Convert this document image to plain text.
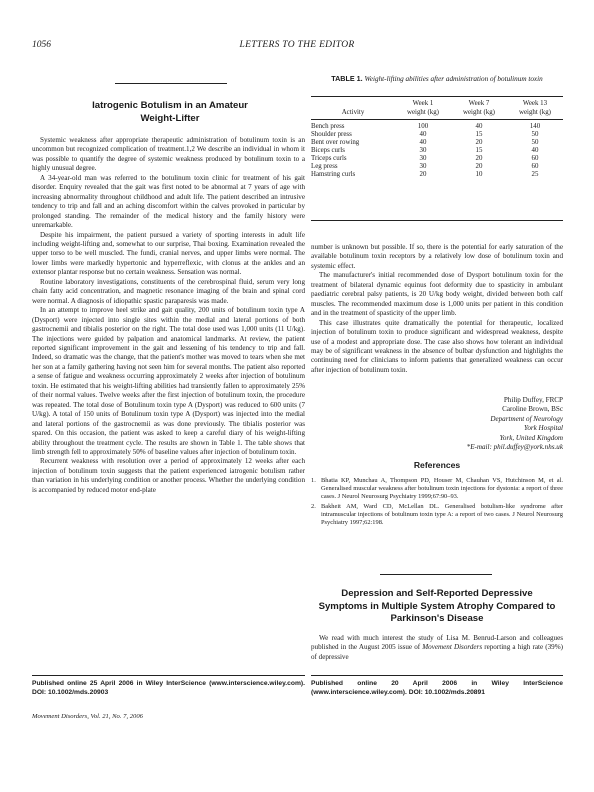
1056	LETTERS TO THE EDITOR
Iatrogenic Botulism in an Amateur Weight-Lifter

Systemic weakness after appropriate therapeutic administration of botulinum toxin is an uncommon but recognized complication of treatment.1,2 We describe an individual in whom it was possible to quantify the degree of systemic weakness produced by botulinum toxin to a highly unusual degree.

A 34-year-old man was referred to the botulinum toxin clinic for treatment of his gait disorder. Enquiry revealed that the gait was first noted to be abnormal at 7 years of age with increasing abnormality throughout childhood and adult life. The patient described an intrusive tendency to trip and fall and an aching discomfort within the calves provoked in particular by prolonged standing. The remainder of the medical history and the family history were unremarkable.

Despite his impairment, the patient pursued a variety of sporting interests in adult life including weight-lifting and, somewhat to our surprise, Thai boxing. Examination revealed the upper torso to be well muscled. The fundi, cranial nerves, and upper limbs were normal. The lower limbs were markedly hypertonic and hyperreflexic, with clonus at the ankles and an extensor plantar response but no certain weakness. Sensation was normal.

Routine laboratory investigations, constituents of the cerebrospinal fluid, serum very long chain fatty acid concentration, and magnetic resonance imaging of the brain and spinal cord were normal. A diagnosis of idiopathic spastic paraparesis was made.

In an attempt to improve heel strike and gait quality, 200 units of botulinum toxin type A (Dysport) were injected into single sites within the medial and lateral portions of both gastrocnemii and tibialis posterior on the right. The total dose used was 1,000 units (11 U/kg). The injections were guided by palpation and anatomical landmarks. At review, the patient reported significant improvement in the gait and lessening of his tendency to trip and fall. Indeed, so dramatic was the change, that the patient's mother was moved to tears when she met her son at a family gathering having not seen him for several months. The patient also reported a sense of fatigue and weakness occurring approximately 2 weeks after injection of botulinum toxin. He estimated that his weight-lifting abilities had transiently fallen to approximately 25% of their normal values. Twelve weeks after the first injection of botulinum toxin, the procedure was repeated. The total dose of Botulinum toxin type A (Dysport) was reduced to 600 units (7 U/kg). A total of 150 units of Botulinum toxin type A (Dysport) was injected into the medial and lateral portions of the gastrocnemii as was done previously. The tibialis posterior was spared. On this occasion, the patient was asked to keep a careful diary of his weight-lifting ability throughout the treatment cycle. The results are shown in Table 1. The table shows that limb strength fell to approximately 50% of baseline values after injection of botulinum toxin.

Recurrent weakness with resolution over a period of approximately 12 weeks after each injection of botulinum toxin suggests that the patient experienced iatrogenic botulism rather than variation in his underlying condition or another process. Whether the underlying condition is accompanied by reduced motor end-plate

Published online 25 April 2006 in Wiley InterScience (www.interscience.wiley.com). DOI: 10.1002/mds.20903
Movement Disorders, Vol. 21, No. 7, 2006
TABLE 1. Weight-lifting abilities after administration of botulinum toxin
	Week 1	Week 7	Week 13
Activity	weight (kg)	weight (kg)	weight (kg)

Bench press	100	40	140
Shoulder press	40	15	50
Bent over rowing	40	20	50
Biceps curls	30	15	40
Triceps curls	30	20	60
Leg press	30	20	60
Hamstring curls	20	10	25

number is unknown but possible. If so, there is the potential for early saturation of the available botulinum toxin receptors by a relatively low dose of botulinum toxin and systemic effect.

The manufacturer's initial recommended dose of Dysport botulinum toxin for the treatment of bilateral dynamic equinus foot deformity due to spasticity in ambulant paediatric cerebral palsy patients, is 20 U/kg body weight, divided between both calf muscles. The recommended maximum dose is 1,000 units per patient in this condition and in the treatment of spasticity of the upper limb.

This case illustrates quite dramatically the potential for therapeutic, localized injection of botulinum toxin to produce significant and widespread weakness, despite use of a modest and appropriate dose. The case also shows how tolerant an individual may be of significant weakness in the absence of bulbar dysfunction and highlights the continuing need for clinicians to inform patients that generalized weakness can occur after injection of botulinum toxin.

Philip Duffey, FRCP
Caroline Brown, BSc
Department of Neurology
York Hospital
York, United Kingdom
*E-mail: phil.duffey@york.nhs.uk
References
1. Bhatia KP, Munchau A, Thompson PD, Houser M, Chauhan VS, Hutchinson M, et al. Generalised muscular weakness after botulinum toxin injections for dystonia: a report of three cases. J Neurol Neurosurg Psychiatry 1999;67:90–93.
2. Bakheit AM, Ward CD, McLellan DL. Generalised botulism-like syndrome after intramuscular injections of botulinum toxin type A: a report of two cases. J Neurol Neurosurg Psychiatry 1997;62:198.
Depression and Self-Reported Depressive Symptoms in Multiple System Atrophy Compared to Parkinson's Disease

We read with much interest the study of Lisa M. Benrud-Larson and colleagues published in the August 2005 issue of Movement Disorders reporting a high rate (39%) of depressive

Published online 20 April 2006 in Wiley InterScience (www.interscience.wiley.com). DOI: 10.1002/mds.20891
